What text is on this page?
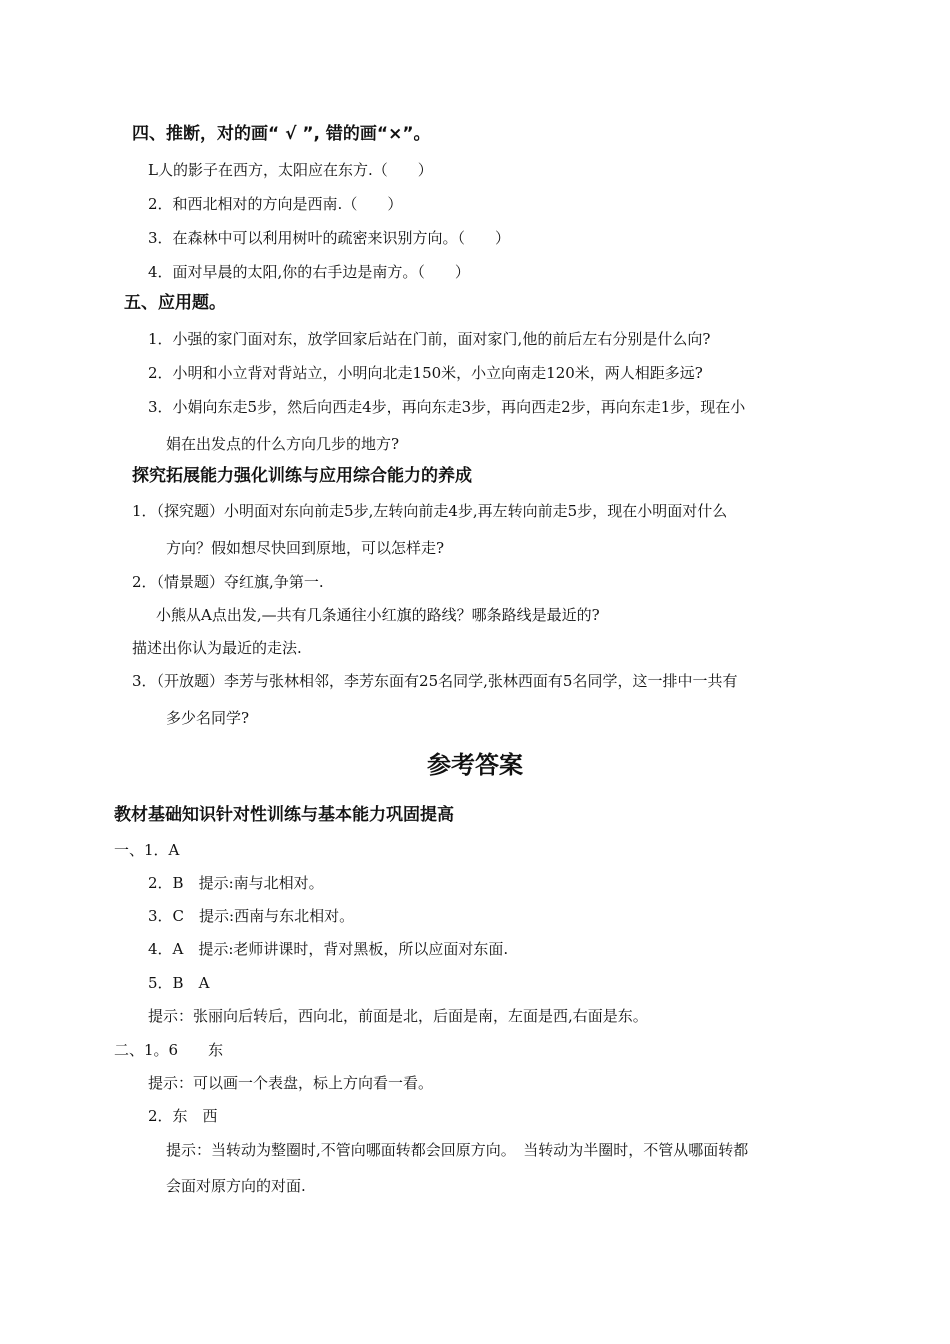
四、推断，对的画“ √ ”, 错的画“×”。
L人的影子在西方，太阳应在东方.（　　）
2．和西北相对的方向是西南.（　　）
3．在森林中可以利用树叶的疏密来识别方向。（　　）
4．面对早晨的太阳,你的右手边是南方。（　　）
五、应用题。
1．小强的家门面对东，放学回家后站在门前，面对家门,他的前后左右分别是什么向?
2．小明和小立背对背站立，小明向北走150米，小立向南走120米，两人相距多远?
3．小娟向东走5步，然后向西走4步，再向东走3步，再向西走2步，再向东走1步，现在小
娟在出发点的什么方向几步的地方?
探究拓展能力强化训练与应用综合能力的养成
1．（探究题）小明面对东向前走5步,左转向前走4步,再左转向前走5步，现在小明面对什么
方向？假如想尽快回到原地，可以怎样走?
2．（情景题）夺红旗,争第一.
小熊从A点出发,—共有几条通往小红旗的路线？哪条路线是最近的?
描述出你认为最近的走法.
3．（开放题）李芳与张林相邻，李芳东面有25名同学,张林西面有5名同学，这一排中一共有
多少名同学?
参考答案
教材基础知识针对性训练与基本能力巩固提高
一、1．A
2．B　提示:南与北相对。
3．C　提示:西南与东北相对。
4．A　提示:老师讲课时，背对黑板，所以应面对东面.
5．B　A
提示：张丽向后转后，西向北，前面是北，后面是南，左面是西,右面是东。
二、1。6　　东
提示：可以画一个表盘，标上方向看一看。
2．东　西
提示：当转动为整圈时,不管向哪面转都会回原方向。　当转动为半圈时，不管从哪面转都
会面对原方向的对面.
